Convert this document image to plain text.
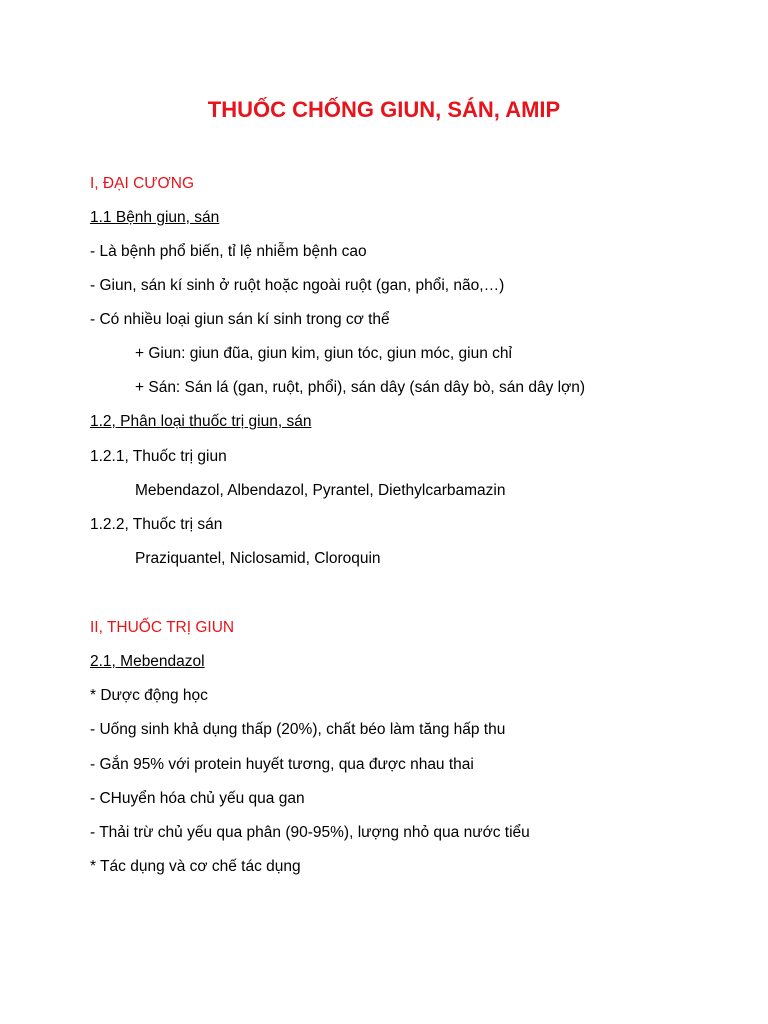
THUỐC CHỐNG GIUN, SÁN, AMIP
I, ĐẠI CƯƠNG
1.1 Bệnh giun, sán
- Là bệnh phổ biến, tỉ lệ nhiễm bệnh cao
- Giun, sán kí sinh ở ruột hoặc ngoài ruột (gan, phổi, não,…)
- Có nhiều loại giun sán kí sinh trong cơ thể
+ Giun: giun đũa, giun kim, giun tóc, giun móc, giun chỉ
+ Sán: Sán lá (gan, ruột, phổi), sán dây (sán dây bò, sán dây lợn)
1.2, Phân loại thuốc trị giun, sán
1.2.1, Thuốc trị giun
Mebendazol, Albendazol, Pyrantel, Diethylcarbamazin
1.2.2, Thuốc trị sán
Praziquantel, Niclosamid, Cloroquin
II, THUỐC TRỊ GIUN
2.1, Mebendazol
* Dược động học
- Uống sinh khả dụng thấp (20%), chất béo làm tăng hấp thu
- Gắn 95% với protein huyết tương, qua được nhau thai
- CHuyển hóa chủ yếu qua gan
- Thải trừ chủ yếu qua phân (90-95%), lượng nhỏ qua nước tiểu
* Tác dụng và cơ chế tác dụng
